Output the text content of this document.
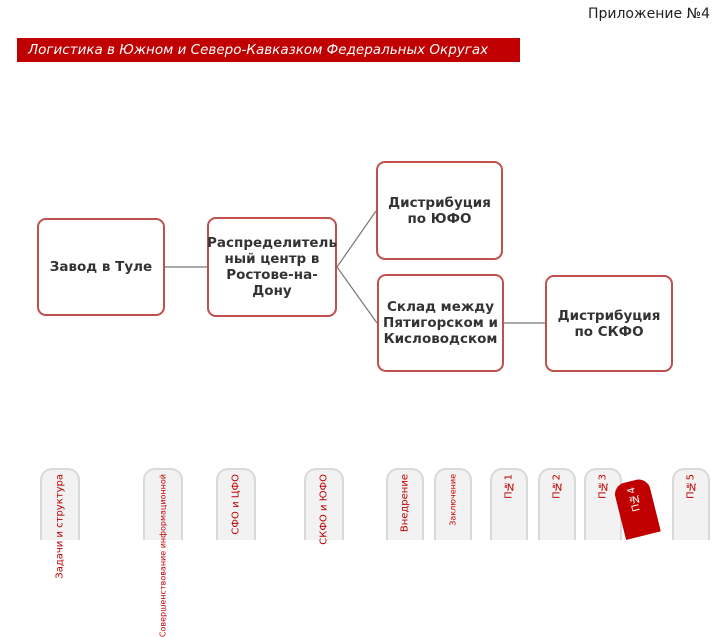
Приложение №4
Логистика в Южном и Северо-Кавказком Федеральных Округах
Завод в Туле
Распределитель ный центр в Ростове-на-Дону
Дистрибуция по ЮФО
Склад между Пятигорском и Кисловодском
Дистрибуция по СКФО
Задачи и структура	Совершенствование информационной	СФО и ЦФО	СКФО и ЮФО	Внедрение	Заключение	П№1	П№2	П№3 П№4	П№5
